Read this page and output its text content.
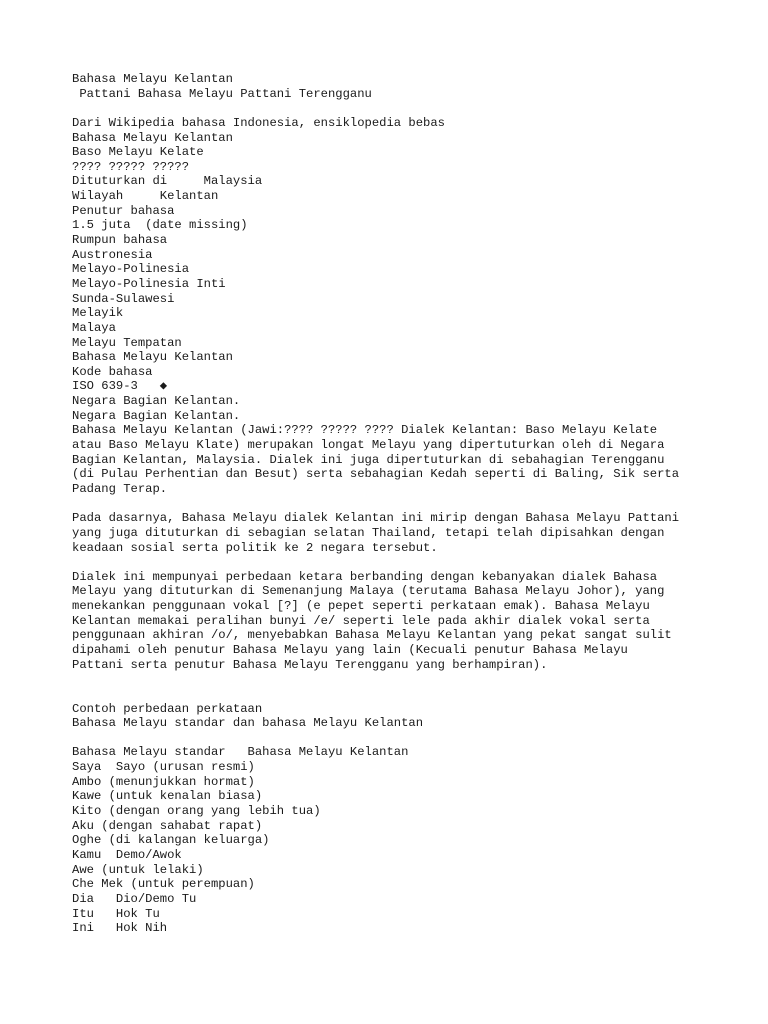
Bahasa Melayu Kelantan
Pattani Bahasa Melayu Pattani Terengganu
Dari Wikipedia bahasa Indonesia, ensiklopedia bebas
Bahasa Melayu Kelantan
Baso Melayu Kelate
???? ????? ?????
Dituturkan di     Malaysia
Wilayah     Kelantan
Penutur bahasa
1.5 juta  (date missing)
Rumpun bahasa
Austronesia
Melayo-Polinesia
Melayo-Polinesia Inti
Sunda-Sulawesi
Melayik
Malaya
Melayu Tempatan
Bahasa Melayu Kelantan
Kode bahasa
ISO 639-3   ◆
Negara Bagian Kelantan.
Negara Bagian Kelantan.
Bahasa Melayu Kelantan (Jawi:???? ????? ???? Dialek Kelantan: Baso Melayu Kelate
atau Baso Melayu Klate) merupakan longat Melayu yang dipertuturkan oleh di Negara
Bagian Kelantan, Malaysia. Dialek ini juga dipertuturkan di sebahagian Terengganu
(di Pulau Perhentian dan Besut) serta sebahagian Kedah seperti di Baling, Sik serta
Padang Terap.
Pada dasarnya, Bahasa Melayu dialek Kelantan ini mirip dengan Bahasa Melayu Pattani
yang juga dituturkan di sebagian selatan Thailand, tetapi telah dipisahkan dengan
keadaan sosial serta politik ke 2 negara tersebut.
Dialek ini mempunyai perbedaan ketara berbanding dengan kebanyakan dialek Bahasa
Melayu yang dituturkan di Semenanjung Malaya (terutama Bahasa Melayu Johor), yang
menekankan penggunaan vokal [?] (e pepet seperti perkataan emak). Bahasa Melayu
Kelantan memakai peralihan bunyi /e/ seperti lele pada akhir dialek vokal serta
penggunaan akhiran /o/, menyebabkan Bahasa Melayu Kelantan yang pekat sangat sulit
dipahami oleh penutur Bahasa Melayu yang lain (Kecuali penutur Bahasa Melayu
Pattani serta penutur Bahasa Melayu Terengganu yang berhampiran).
Contoh perbedaan perkataan
Bahasa Melayu standar dan bahasa Melayu Kelantan
Bahasa Melayu standar   Bahasa Melayu Kelantan
Saya  Sayo (urusan resmi)
Ambo (menunjukkan hormat)
Kawe (untuk kenalan biasa)
Kito (dengan orang yang lebih tua)
Aku (dengan sahabat rapat)
Oghe (di kalangan keluarga)
Kamu  Demo/Awok
Awe (untuk lelaki)
Che Mek (untuk perempuan)
Dia   Dio/Demo Tu
Itu   Hok Tu
Ini   Hok Nih
